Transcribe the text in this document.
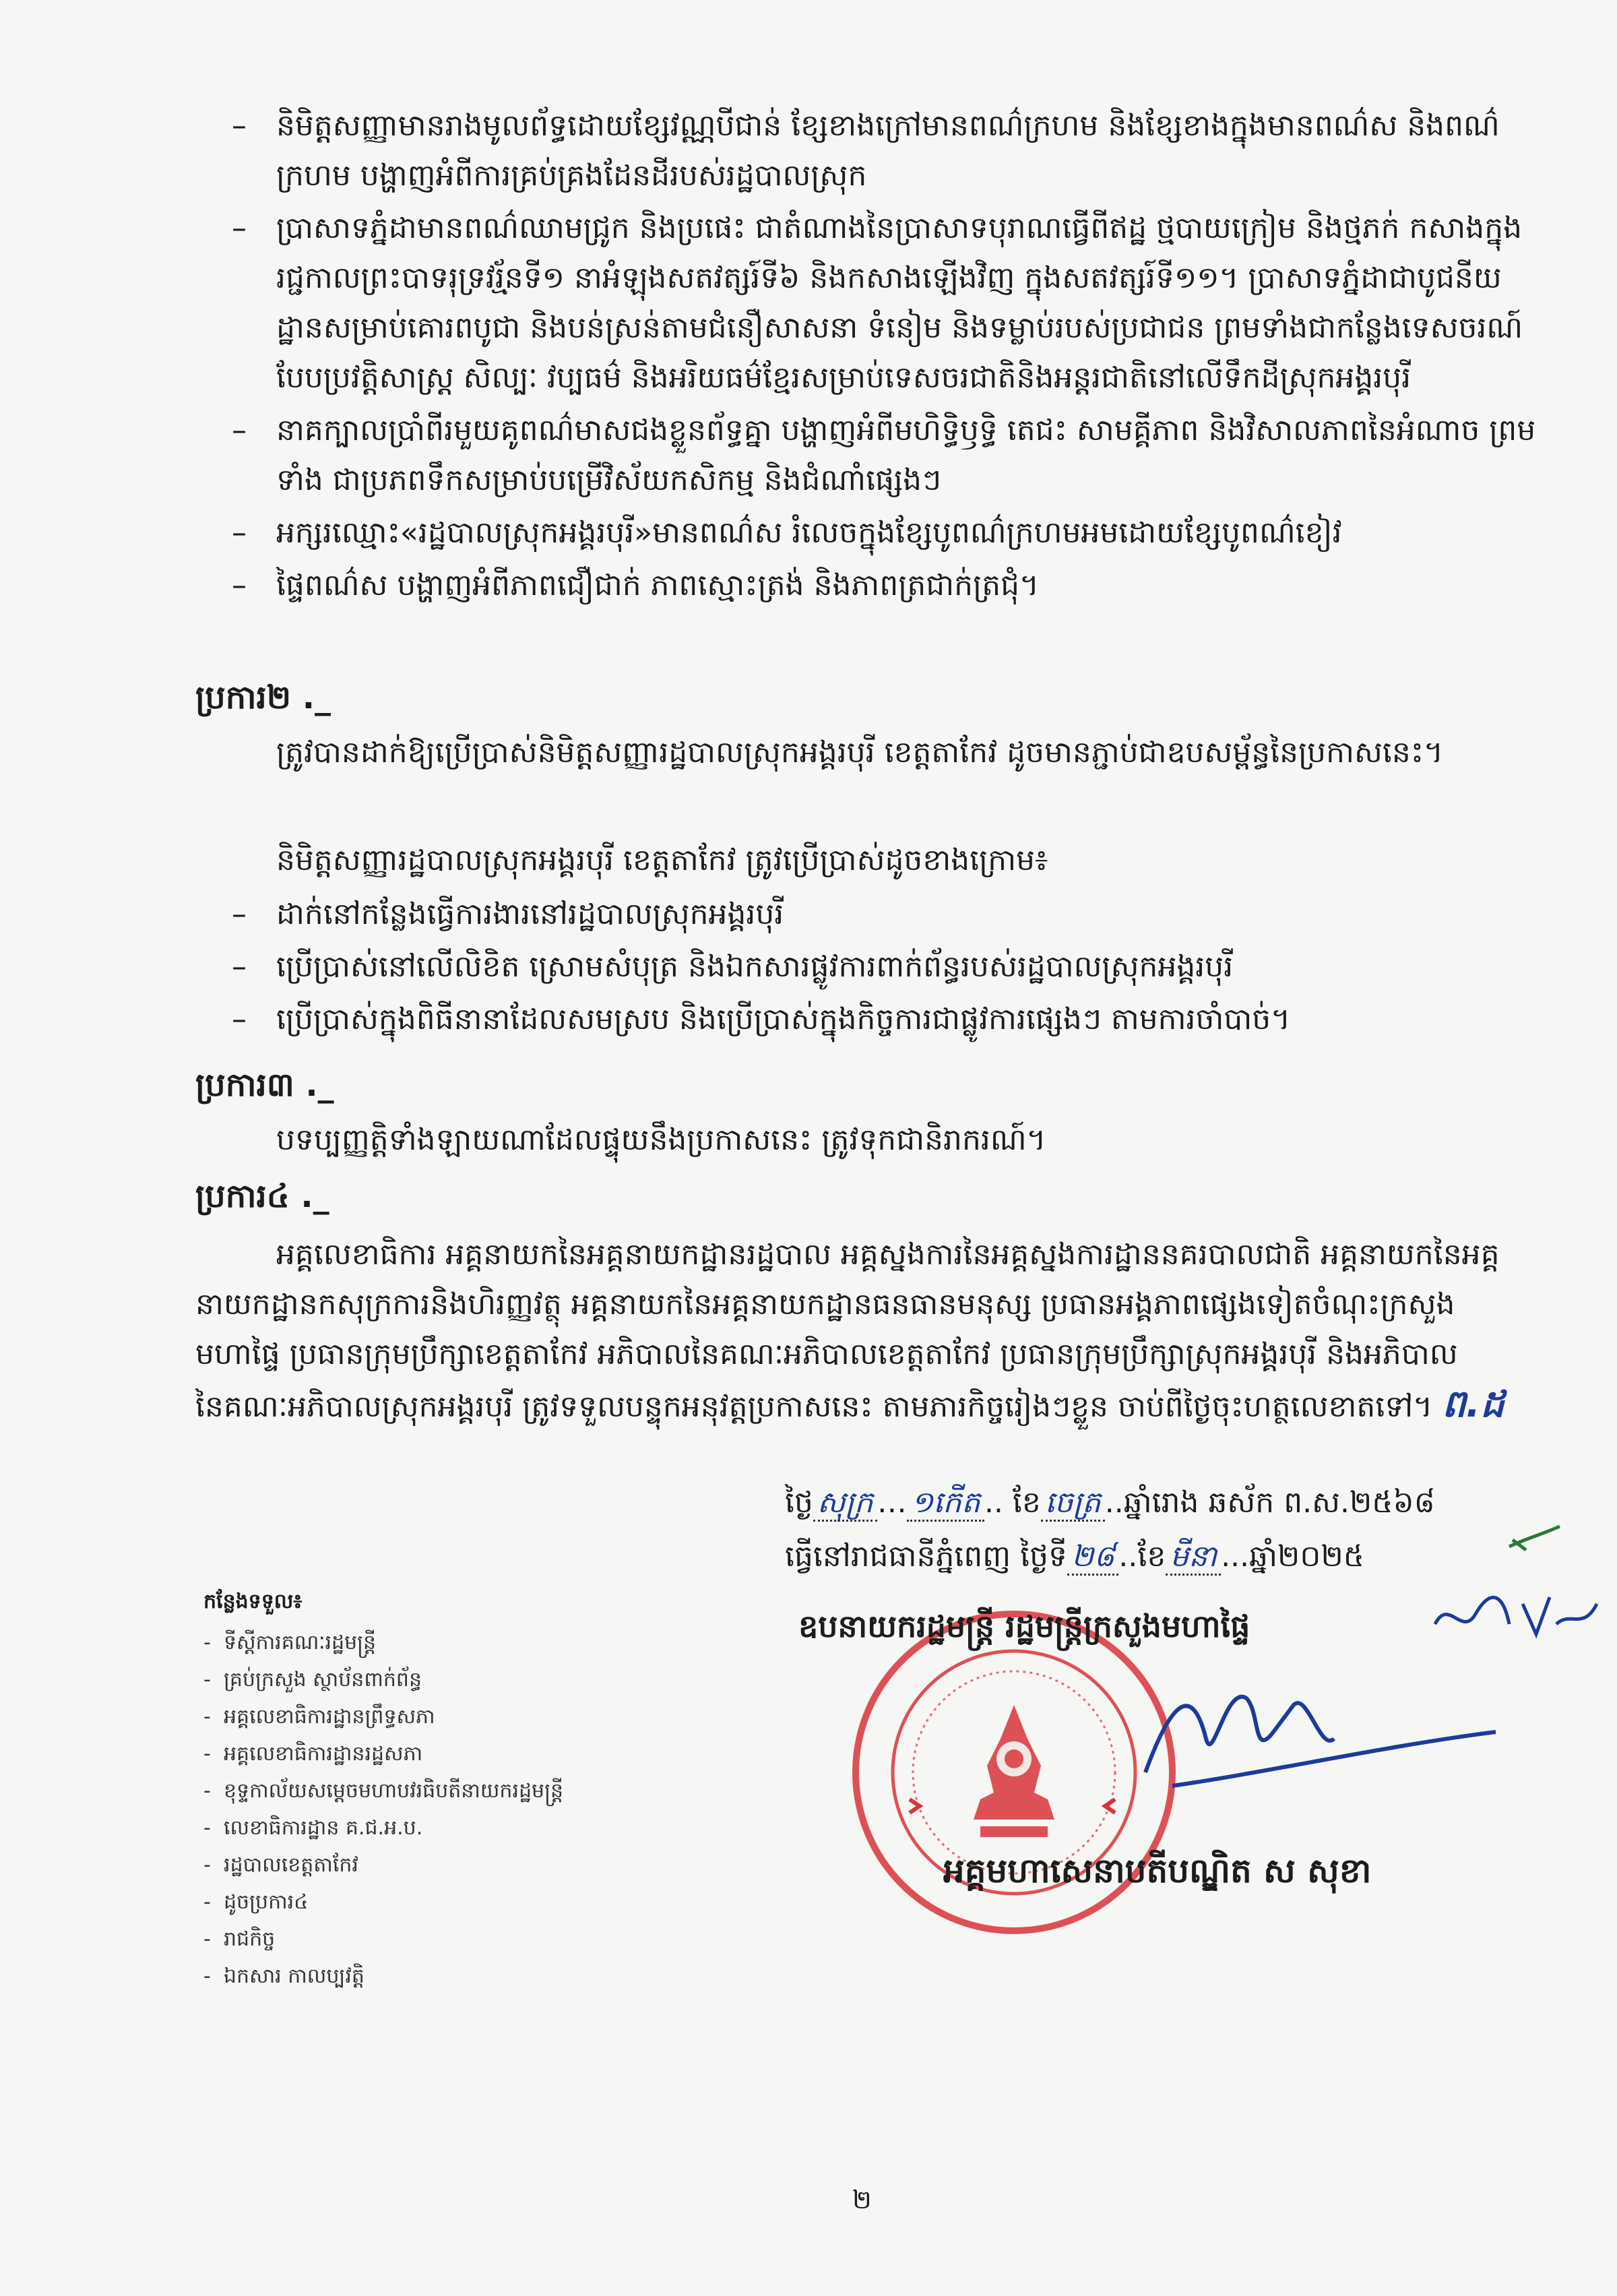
–	និមិត្តសញ្ញាមានរាងមូលព័ទ្ធដោយខ្សែវណ្ណបីជាន់ ខ្សែខាងក្រៅមានពណ៌ក្រហម និងខ្សែខាងក្នុងមានពណ៌ស និងពណ៌ក្រហម បង្ហាញអំពីការគ្រប់គ្រងដែនដីរបស់រដ្ឋបាលស្រុក
–	ប្រាសាទភ្នំដាមានពណ៌ឈាមជ្រូក និងប្រផេះ ជាតំណាងនៃប្រាសាទបុរាណធ្វើពីឥដ្ឋ ថ្មបាយក្រៀម និងថ្មភក់ កសាងក្នុងរជ្ជកាលព្រះបាទរុទ្រវរ្ម័នទី១ នាអំឡុងសតវត្សរ៍ទី៦ និងកសាងឡើងវិញ ក្នុងសតវត្សរ៍ទី១១។ ប្រាសាទភ្នំដាជាបូជនីយដ្ឋានសម្រាប់គោរពបូជា និងបន់ស្រន់តាមជំនឿសាសនា ទំនៀម និងទម្លាប់របស់ប្រជាជន ព្រមទាំងជាកន្លែងទេសចរណ៍បែបប្រវត្តិសាស្ត្រ សិល្បៈ វប្បធម៌ និងអរិយធម៌ខ្មែរសម្រាប់ទេសចរជាតិនិងអន្តរជាតិនៅលើទឹកដីស្រុកអង្គរបុរី
–	នាគក្បាលប្រាំពីរមួយគូពណ៌មាសជងខ្លួនព័ទ្ធគ្នា បង្ហាញអំពីមហិទ្ធិឫទ្ធិ តេជះ សាមគ្គីភាព និងវិសាលភាពនៃអំណាច ព្រមទាំង ជាប្រភពទឹកសម្រាប់បម្រើវិស័យកសិកម្ម និងជំណាំផ្សេងៗ
–	អក្សរឈ្មោះ«រដ្ឋបាលស្រុកអង្គរបុរី»មានពណ៌ស រំលេចក្នុងខ្សែបូពណ៌ក្រហមអមដោយខ្សែបូពណ៌ខៀវ
–	ផ្ទៃពណ៌ស បង្ហាញអំពីភាពជឿជាក់ ភាពស្មោះត្រង់ និងភាពត្រជាក់ត្រជុំ។
ប្រការ២ ._
ត្រូវបានដាក់ឱ្យប្រើប្រាស់និមិត្តសញ្ញារដ្ឋបាលស្រុកអង្គរបុរី ខេត្តតាកែវ ដូចមានភ្ជាប់ជាឧបសម្ព័ន្ធនៃប្រកាសនេះ។
និមិត្តសញ្ញារដ្ឋបាលស្រុកអង្គរបុរី ខេត្តតាកែវ ត្រូវប្រើប្រាស់ដូចខាងក្រោម៖
–	ដាក់នៅកន្លែងធ្វើការងារនៅរដ្ឋបាលស្រុកអង្គរបុរី
–	ប្រើប្រាស់នៅលើលិខិត ស្រោមសំបុត្រ និងឯកសារផ្លូវការពាក់ព័ន្ធរបស់រដ្ឋបាលស្រុកអង្គរបុរី
–	ប្រើប្រាស់ក្នុងពិធីនានាដែលសមស្រប និងប្រើប្រាស់ក្នុងកិច្ចការជាផ្លូវការផ្សេងៗ តាមការចាំបាច់។
ប្រការ៣ ._
បទប្បញ្ញត្តិទាំងឡាយណាដែលផ្ទុយនឹងប្រកាសនេះ ត្រូវទុកជានិរាករណ៍។
ប្រការ៤ ._
អគ្គលេខាធិការ អគ្គនាយកនៃអគ្គនាយកដ្ឋានរដ្ឋបាល អគ្គស្នងការនៃអគ្គស្នងការដ្ឋាននគរបាលជាតិ អគ្គនាយកនៃអគ្គនាយកដ្ឋានកសុក្រការនិងហិរញ្ញវត្ថុ អគ្គនាយកនៃអគ្គនាយកដ្ឋានធនធានមនុស្ស ប្រធានអង្គភាពផ្សេងទៀតចំណុះក្រសួងមហាផ្ទៃ ប្រធានក្រុមប្រឹក្សាខេត្តតាកែវ អភិបាលនៃគណៈអភិបាលខេត្តតាកែវ ប្រធានក្រុមប្រឹក្សាស្រុកអង្គរបុរី និងអភិបាលនៃគណៈអភិបាលស្រុកអង្គរបុរី ត្រូវទទួលបន្ទុកអនុវត្តប្រកាសនេះ តាមភារកិច្ចរៀងៗខ្លួន ចាប់ពីថ្ងៃចុះហត្ថលេខាតទៅ។ ព.ដ
ថ្ងៃ សុក្រ … ១កើត .. ខែ ចេត្រ ..ឆ្នាំរោង ឆស័ក ព.ស.២៥៦៨
ធ្វើនៅរាជធានីភ្នំពេញ ថ្ងៃទី ២៨ ..ខែ មីនា ...ឆ្នាំ២០២៥
ឧបនាយករដ្ឋមន្ត្រី រដ្ឋមន្ត្រីក្រសួងមហាផ្ទៃ
អគ្គមហាសេនាបតីបណ្ឌិត ស សុខា
កន្លែងទទួល៖
- ទីស្តីការគណៈរដ្ឋមន្ត្រី
- គ្រប់ក្រសួង ស្ថាប័នពាក់ព័ន្ធ
- អគ្គលេខាធិការដ្ឋានព្រឹទ្ធសភា
- អគ្គលេខាធិការដ្ឋានរដ្ឋសភា
- ខុទ្ទកាល័យសម្តេចមហាបវរធិបតីនាយករដ្ឋមន្ត្រី
- លេខាធិការដ្ឋាន គ.ជ.អ.ប.
- រដ្ឋបាលខេត្តតាកែវ
- ដូចប្រការ៤
- រាជកិច្ច
- ឯកសារ កាលប្បវត្តិ
២
